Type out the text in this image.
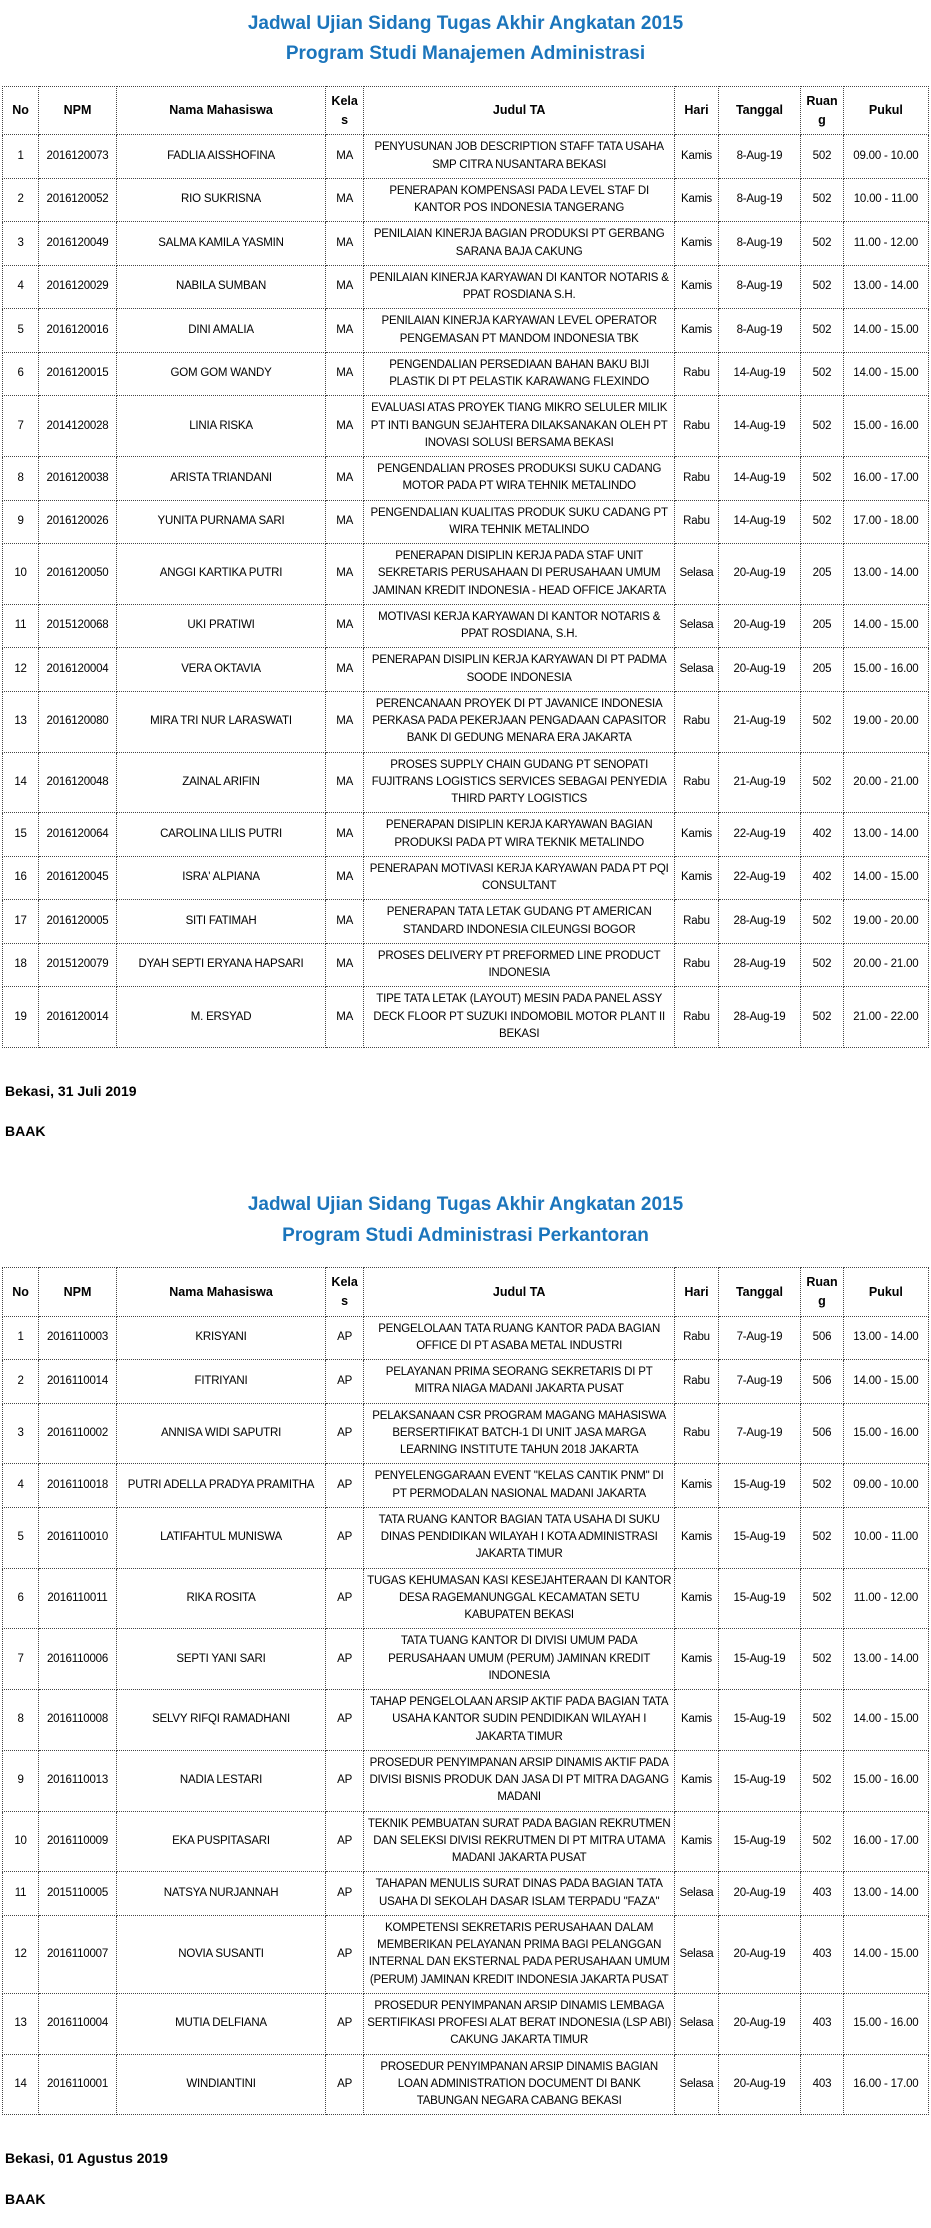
Jadwal Ujian Sidang Tugas Akhir Angkatan 2015
Program Studi Manajemen Administrasi
No	NPM	Nama Mahasiswa	Kelas	Judul TA	Hari	Tanggal	Ruang	Pukul
1	2016120073	FADLIA AISSHOFINA	MA	PENYUSUNAN JOB DESCRIPTION STAFF TATA USAHA SMP CITRA NUSANTARA BEKASI	Kamis	8-Aug-19	502	09.00 - 10.00
2	2016120052	RIO SUKRISNA	MA	PENERAPAN KOMPENSASI PADA LEVEL STAF DI KANTOR POS INDONESIA TANGERANG	Kamis	8-Aug-19	502	10.00 - 11.00
3	2016120049	SALMA KAMILA YASMIN	MA	PENILAIAN KINERJA BAGIAN PRODUKSI PT GERBANG SARANA BAJA CAKUNG	Kamis	8-Aug-19	502	11.00 - 12.00
4	2016120029	NABILA SUMBAN	MA	PENILAIAN KINERJA KARYAWAN DI KANTOR NOTARIS & PPAT ROSDIANA S.H.	Kamis	8-Aug-19	502	13.00 - 14.00
5	2016120016	DINI AMALIA	MA	PENILAIAN KINERJA KARYAWAN LEVEL OPERATOR PENGEMASAN PT MANDOM INDONESIA TBK	Kamis	8-Aug-19	502	14.00 - 15.00
6	2016120015	GOM GOM WANDY	MA	PENGENDALIAN PERSEDIAAN BAHAN BAKU BIJI PLASTIK DI PT PELASTIK KARAWANG FLEXINDO	Rabu	14-Aug-19	502	14.00 - 15.00
7	2014120028	LINIA RISKA	MA	EVALUASI ATAS PROYEK TIANG MIKRO SELULER MILIK PT INTI BANGUN SEJAHTERA DILAKSANAKAN OLEH PT INOVASI SOLUSI BERSAMA BEKASI	Rabu	14-Aug-19	502	15.00 - 16.00
8	2016120038	ARISTA TRIANDANI	MA	PENGENDALIAN PROSES PRODUKSI SUKU CADANG MOTOR PADA PT WIRA TEHNIK METALINDO	Rabu	14-Aug-19	502	16.00 - 17.00
9	2016120026	YUNITA PURNAMA SARI	MA	PENGENDALIAN KUALITAS PRODUK SUKU CADANG PT WIRA TEHNIK METALINDO	Rabu	14-Aug-19	502	17.00 - 18.00
10	2016120050	ANGGI KARTIKA PUTRI	MA	PENERAPAN DISIPLIN KERJA PADA STAF UNIT SEKRETARIS PERUSAHAAN DI PERUSAHAAN UMUM JAMINAN KREDIT INDONESIA - HEAD OFFICE JAKARTA	Selasa	20-Aug-19	205	13.00 - 14.00
11	2015120068	UKI PRATIWI	MA	MOTIVASI KERJA KARYAWAN DI KANTOR NOTARIS & PPAT ROSDIANA, S.H.	Selasa	20-Aug-19	205	14.00 - 15.00
12	2016120004	VERA OKTAVIA	MA	PENERAPAN DISIPLIN KERJA KARYAWAN DI PT PADMA SOODE INDONESIA	Selasa	20-Aug-19	205	15.00 - 16.00
13	2016120080	MIRA TRI NUR LARASWATI	MA	PERENCANAAN PROYEK DI PT JAVANICE INDONESIA PERKASA PADA PEKERJAAN PENGADAAN CAPASITOR BANK DI GEDUNG MENARA ERA JAKARTA	Rabu	21-Aug-19	502	19.00 - 20.00
14	2016120048	ZAINAL ARIFIN	MA	PROSES SUPPLY CHAIN GUDANG PT SENOPATI FUJITRANS LOGISTICS SERVICES SEBAGAI PENYEDIA THIRD PARTY LOGISTICS	Rabu	21-Aug-19	502	20.00 - 21.00
15	2016120064	CAROLINA LILIS PUTRI	MA	PENERAPAN DISIPLIN KERJA KARYAWAN BAGIAN PRODUKSI PADA PT WIRA TEKNIK METALINDO	Kamis	22-Aug-19	402	13.00 - 14.00
16	2016120045	ISRA' ALPIANA	MA	PENERAPAN MOTIVASI KERJA KARYAWAN PADA PT PQI CONSULTANT	Kamis	22-Aug-19	402	14.00 - 15.00
17	2016120005	SITI FATIMAH	MA	PENERAPAN TATA LETAK GUDANG PT AMERICAN STANDARD INDONESIA CILEUNGSI BOGOR	Rabu	28-Aug-19	502	19.00 - 20.00
18	2015120079	DYAH SEPTI ERYANA HAPSARI	MA	PROSES DELIVERY PT PREFORMED LINE PRODUCT INDONESIA	Rabu	28-Aug-19	502	20.00 - 21.00
19	2016120014	M. ERSYAD	MA	TIPE TATA LETAK (LAYOUT) MESIN PADA PANEL ASSY DECK FLOOR PT SUZUKI INDOMOBIL MOTOR PLANT II BEKASI	Rabu	28-Aug-19	502	21.00 - 22.00
Bekasi, 31 Juli 2019
BAAK
Jadwal Ujian Sidang Tugas Akhir Angkatan 2015
Program Studi Administrasi Perkantoran
No	NPM	Nama Mahasiswa	Kelas	Judul TA	Hari	Tanggal	Ruang	Pukul
1	2016110003	KRISYANI	AP	PENGELOLAAN TATA RUANG KANTOR PADA BAGIAN OFFICE DI PT ASABA METAL INDUSTRI	Rabu	7-Aug-19	506	13.00 - 14.00
2	2016110014	FITRIYANI	AP	PELAYANAN PRIMA SEORANG SEKRETARIS DI PT MITRA NIAGA MADANI JAKARTA PUSAT	Rabu	7-Aug-19	506	14.00 - 15.00
3	2016110002	ANNISA WIDI SAPUTRI	AP	PELAKSANAAN CSR PROGRAM MAGANG MAHASISWA BERSERTIFIKAT BATCH-1 DI UNIT JASA MARGA LEARNING INSTITUTE TAHUN 2018 JAKARTA	Rabu	7-Aug-19	506	15.00 - 16.00
4	2016110018	PUTRI ADELLA PRADYA PRAMITHA	AP	PENYELENGGARAAN EVENT "KELAS CANTIK PNM" DI PT PERMODALAN NASIONAL MADANI JAKARTA	Kamis	15-Aug-19	502	09.00 - 10.00
5	2016110010	LATIFAHTUL MUNISWA	AP	TATA RUANG KANTOR BAGIAN TATA USAHA DI SUKU DINAS PENDIDIKAN WILAYAH I KOTA ADMINISTRASI JAKARTA TIMUR	Kamis	15-Aug-19	502	10.00 - 11.00
6	2016110011	RIKA ROSITA	AP	TUGAS KEHUMASAN KASI KESEJAHTERAAN DI KANTOR DESA RAGEMANUNGGAL KECAMATAN SETU KABUPATEN BEKASI	Kamis	15-Aug-19	502	11.00 - 12.00
7	2016110006	SEPTI YANI SARI	AP	TATA TUANG KANTOR DI DIVISI UMUM PADA PERUSAHAAN UMUM (PERUM) JAMINAN KREDIT INDONESIA	Kamis	15-Aug-19	502	13.00 - 14.00
8	2016110008	SELVY RIFQI RAMADHANI	AP	TAHAP PENGELOLAAN ARSIP AKTIF PADA BAGIAN TATA USAHA KANTOR SUDIN PENDIDIKAN WILAYAH I JAKARTA TIMUR	Kamis	15-Aug-19	502	14.00 - 15.00
9	2016110013	NADIA LESTARI	AP	PROSEDUR PENYIMPANAN ARSIP DINAMIS AKTIF PADA DIVISI BISNIS PRODUK DAN JASA DI PT MITRA DAGANG MADANI	Kamis	15-Aug-19	502	15.00 - 16.00
10	2016110009	EKA PUSPITASARI	AP	TEKNIK PEMBUATAN SURAT PADA BAGIAN REKRUTMEN DAN SELEKSI DIVISI REKRUTMEN DI PT MITRA UTAMA MADANI JAKARTA PUSAT	Kamis	15-Aug-19	502	16.00 - 17.00
11	2015110005	NATSYA NURJANNAH	AP	TAHAPAN MENULIS SURAT DINAS PADA BAGIAN TATA USAHA DI SEKOLAH DASAR ISLAM TERPADU "FAZA"	Selasa	20-Aug-19	403	13.00 - 14.00
12	2016110007	NOVIA SUSANTI	AP	KOMPETENSI SEKRETARIS PERUSAHAAN DALAM MEMBERIKAN PELAYANAN PRIMA BAGI PELANGGAN INTERNAL DAN EKSTERNAL PADA PERUSAHAAN UMUM (PERUM) JAMINAN KREDIT INDONESIA JAKARTA PUSAT	Selasa	20-Aug-19	403	14.00 - 15.00
13	2016110004	MUTIA DELFIANA	AP	PROSEDUR PENYIMPANAN ARSIP DINAMIS LEMBAGA SERTIFIKASI PROFESI ALAT BERAT INDONESIA (LSP ABI) CAKUNG JAKARTA TIMUR	Selasa	20-Aug-19	403	15.00 - 16.00
14	2016110001	WINDIANTINI	AP	PROSEDUR PENYIMPANAN ARSIP DINAMIS BAGIAN LOAN ADMINISTRATION DOCUMENT DI BANK TABUNGAN NEGARA CABANG BEKASI	Selasa	20-Aug-19	403	16.00 - 17.00
Bekasi, 01 Agustus 2019
BAAK
